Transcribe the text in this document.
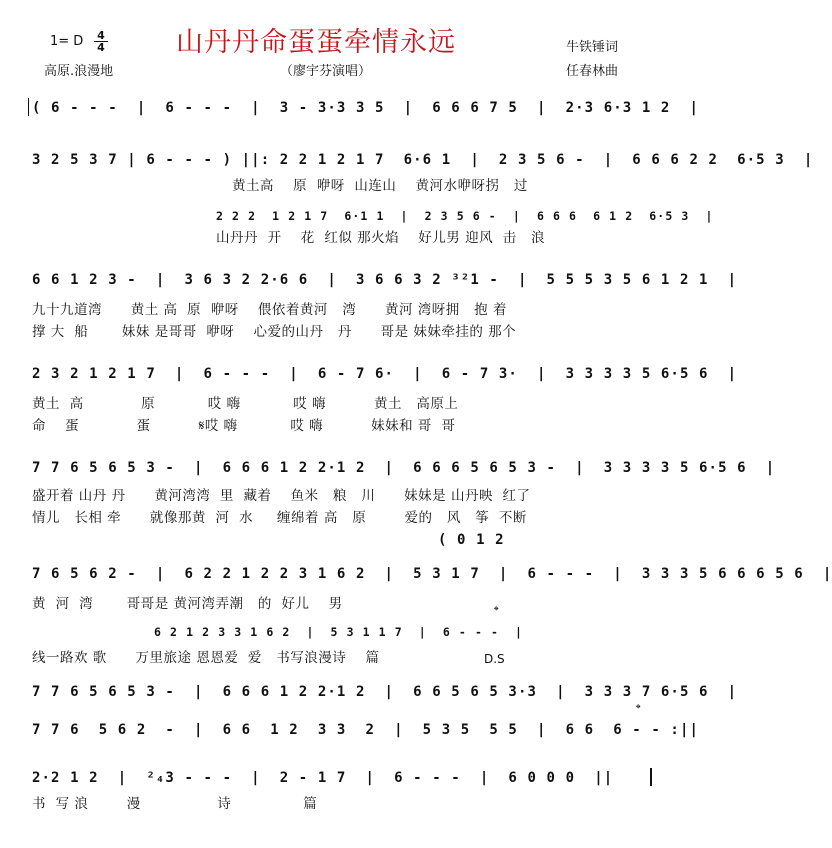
山丹丹命蛋蛋牵情永远
1= D 4
4
高原.浪漫地	（廖宇芬演唱）
牛铁锤词
任春林曲
( 6 - - -  |  6 - - -  |  3 - 3·3 3 5  |  6 6 6 7 5  |  2·3 6·3 1 2  |
3 2 5 3 7 | 6 - - - ) ||: 2 2 1 2 1 7  6·6 1  |  2 3 5 6 -  |  6 6 6 2 2  6·5 3  |
黄土高    原  咿呀  山连山    黄河水咿呀拐   过
2 2 2  1 2 1 7  6·1 1  |  2 3 5 6 -  |  6 6 6  6 1 2  6·5 3  |
山丹丹  开    花  红似 那火焰    好儿男 迎风  击   浪
6 6 1 2 3 -  |  3 6 3 2 2·6 6  |  3 6 6 3 2 ³²1 -  |  5 5 5 3 5 6 1 2 1  |
九十九道湾      黄土 高  原  咿呀    偎依着黄河   湾      黄河 湾呀拥   抱 着
撑 大  船       妹妹 是哥哥  咿呀    心爱的山丹   丹      哥是 妹妹牵挂的 那个
2 3 2 1 2 1 7  |  6 - - -  |  6 - 7 6·  |  6 - 7 3·  |  3 3 3 3 5 6·5 6  |
黄土  高            原           哎 嗨           哎 嗨          黄土   高原上
命    蛋            蛋          𝄋哎 嗨           哎 嗨          妹妹和 哥  哥
7 7 6 5 6 5 3 -  |  6 6 6 1 2 2·1 2  |  6 6 6 5 6 5 3 -  |  3 3 3 3 5 6·5 6  |
盛开着 山丹 丹      黄河湾湾  里  藏着    鱼米   粮   川      妹妹是 山丹映  红了
情儿   长相 牵      就像那黄  河  水     缠绵着 高   原        爱的   风   筝  不断
( 0 1 2
7 6 5 6 2 -  |  6 2 2 1 2 2 3 1 6 2  |  5 3 1 7  |  6 - - -  |  3 3 3 5 6 6 6 5 6  |
黄  河  湾       哥哥是 黄河湾弄潮   的  好儿    男	𝄌
6 2 1 2 3 3 1 6 2  |  5 3 1 1 7  |  6 - - -  |
线一路欢 歌      万里旅途 恩恩爱  爱   书写浪漫诗    篇	D.S
7 7 6 5 6 5 3 -  |  6 6 6 1 2 2·1 2  |  6 6 5 6 5 3·3  |  3 3 3 7 6·5 6  |
𝄌
7 7 6  5 6 2  -  |  6 6  1 2  3 3  2  |  5 3 5  5 5  |  6 6  6 - - :||
2·2 1 2  |  ²₄3 - - -  |  2 - 1 7  |  6 - - -  |  6 0 0 0  ||
书  写 浪        漫                诗               篇
